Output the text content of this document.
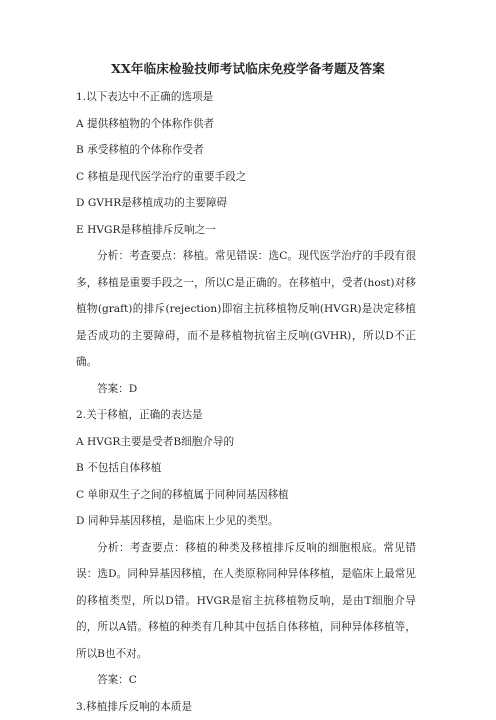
XX年临床检验技师考试临床免疫学备考题及答案
1.以下表达中不正确的选项是
A 提供移植物的个体称作供者
B 承受移植的个体称作受者
C 移植是现代医学治疗的重要手段之
D GVHR是移植成功的主要障碍
E HVGR是移植排斥反响之一
分析：考查要点：移植。常见错误：选C。现代医学治疗的手段有很多，移植是重要手段之一，所以C是正确的。在移植中，受者(host)对移植物(graft)的排斥(rejection)即宿主抗移植物反响(HVGR)是决定移植是否成功的主要障碍，而不是移植物抗宿主反响(GVHR)，所以D不正确。
答案：D
2.关于移植，正确的表达是
A HVGR主要是受者B细胞介导的
B 不包括自体移植
C 单卵双生子之间的移植属于同种同基因移植
D 同种异基因移植，是临床上少见的类型。
分析：考查要点：移植的种类及移植排斥反响的细胞根底。常见错误：选D。同种异基因移植，在人类原称同种异体移植，是临床上最常见的移植类型，所以D错。HVGR是宿主抗移植物反响，是由T细胞介导的，所以A错。移植的种类有几种其中包括自体移植，同种异体移植等，所以B也不对。
答案：C
3.移植排斥反响的本质是
